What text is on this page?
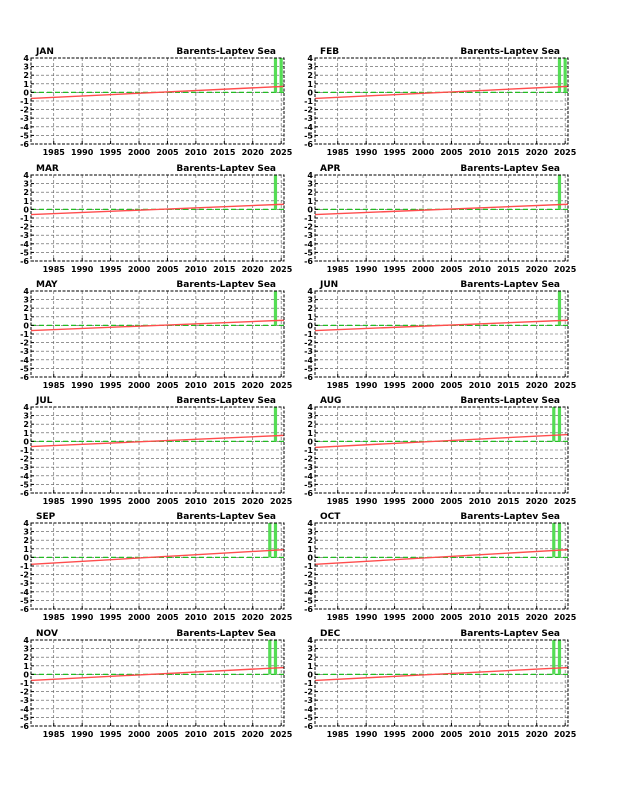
JAN	Barents-Laptev Sea
4
3
2
1
0
-1
-2
-3
-4
-5
-6
1985 1990 1995 2000 2005 2010 2015 2020 2025
FEB	Barents-Laptev Sea
4
3
2
1
0
-1
-2
-3
-4
-5
-6
1985 1990 1995 2000 2005 2010 2015 2020 2025
MAR	Barents-Laptev Sea
4
3
2
1
0
-1
-2
-3
-4
-5
-6
1985 1990 1995 2000 2005 2010 2015 2020 2025
APR	Barents-Laptev Sea
4
3
2
1
0
-1
-2
-3
-4
-5
-6
1985 1990 1995 2000 2005 2010 2015 2020 2025
MAY	Barents-Laptev Sea
4
3
2
1
0
-1
-2
-3
-4
-5
-6
1985 1990 1995 2000 2005 2010 2015 2020 2025
JUN	Barents-Laptev Sea
4
3
2
1
0
-1
-2
-3
-4
-5
-6
1985 1990 1995 2000 2005 2010 2015 2020 2025
JUL	Barents-Laptev Sea
4
3
2
1
0
-1
-2
-3
-4
-5
-6
1985 1990 1995 2000 2005 2010 2015 2020 2025
AUG	Barents-Laptev Sea
4
3
2
1
0
-1
-2
-3
-4
-5
-6
1985 1990 1995 2000 2005 2010 2015 2020 2025
SEP	Barents-Laptev Sea
4
3
2
1
0
-1
-2
-3
-4
-5
-6
1985 1990 1995 2000 2005 2010 2015 2020 2025
OCT	Barents-Laptev Sea
4
3
2
1
0
-1
-2
-3
-4
-5
-6
1985 1990 1995 2000 2005 2010 2015 2020 2025
NOV	Barents-Laptev Sea
4
3
2
1
0
-1
-2
-3
-4
-5
-6
1985 1990 1995 2000 2005 2010 2015 2020 2025
DEC	Barents-Laptev Sea
4
3
2
1
0
-1
-2
-3
-4
-5
-6
1985 1990 1995 2000 2005 2010 2015 2020 2025
